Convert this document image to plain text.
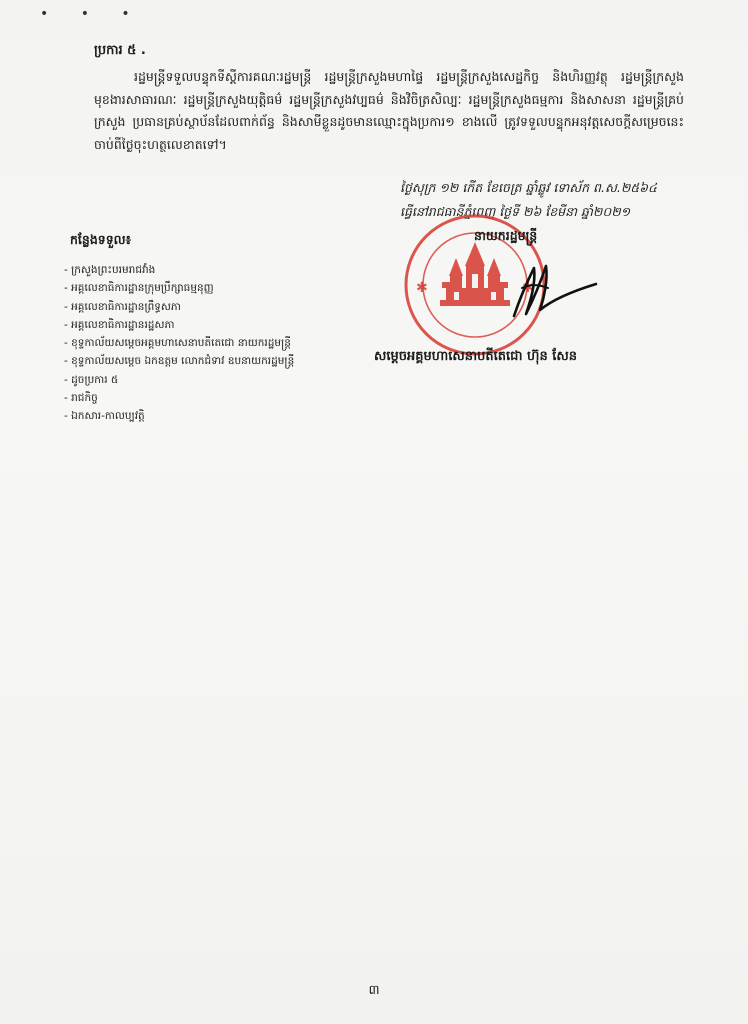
• • •
ប្រការ ៥ .

រដ្ឋមន្ត្រីទទួលបន្ទុកទីស្តីការគណៈរដ្ឋមន្ត្រី រដ្ឋមន្ត្រីក្រសួងមហាផ្ទៃ រដ្ឋមន្ត្រីក្រសួងសេដ្ឋកិច្ច និងហិរញ្ញវត្ថុ រដ្ឋមន្ត្រីក្រសួងមុខងារសាធារណៈ រដ្ឋមន្ត្រីក្រសួងយុត្តិធម៌ រដ្ឋមន្ត្រីក្រសួងវប្បធម៌ និងវិចិត្រសិល្បៈ រដ្ឋមន្ត្រីក្រសួងធម្មការ និងសាសនា រដ្ឋមន្ត្រីគ្រប់ក្រសួង ប្រធានគ្រប់ស្ថាប័នដែលពាក់ព័ន្ធ និងសាមីខ្លួនដូចមានឈ្មោះក្នុងប្រការ១ ខាងលើ ត្រូវទទួលបន្ទុកអនុវត្តសេចក្តីសម្រេចនេះ ចាប់ពីថ្ងៃចុះហត្ថលេខាតទៅ។

ថ្ងៃសុក្រ ១២ កើត ខែចេត្រ ឆ្នាំឆ្លូវ ទោស័ក ព.ស.២៥៦៤
ធ្វើនៅរាជធានីភ្នំពេញ ថ្ងៃទី ២៦ ខែមីនា ឆ្នាំ២០២១
✱	✱
នាយករដ្ឋមន្ត្រី
សម្តេចអគ្គមហាសេនាបតីតេជោ ហ៊ុន សែន
កន្លែងទទួល៖
- ក្រសួងព្រះបរមរាជវាំង
- អគ្គលេខាធិការដ្ឋានក្រុមប្រឹក្សាធម្មនុញ្ញ
- អគ្គលេខាធិការដ្ឋានព្រឹទ្ធសភា
- អគ្គលេខាធិការដ្ឋានរដ្ឋសភា
- ខុទ្ទកាល័យសម្តេចអគ្គមហាសេនាបតីតេជោ នាយករដ្ឋមន្ត្រី
- ខុទ្ទកាល័យសម្តេច ឯកឧត្តម លោកជំទាវ ឧបនាយករដ្ឋមន្ត្រី
- ដូចប្រការ ៥
- រាជកិច្ច
- ឯកសារ-កាលប្បវត្តិ
៣
